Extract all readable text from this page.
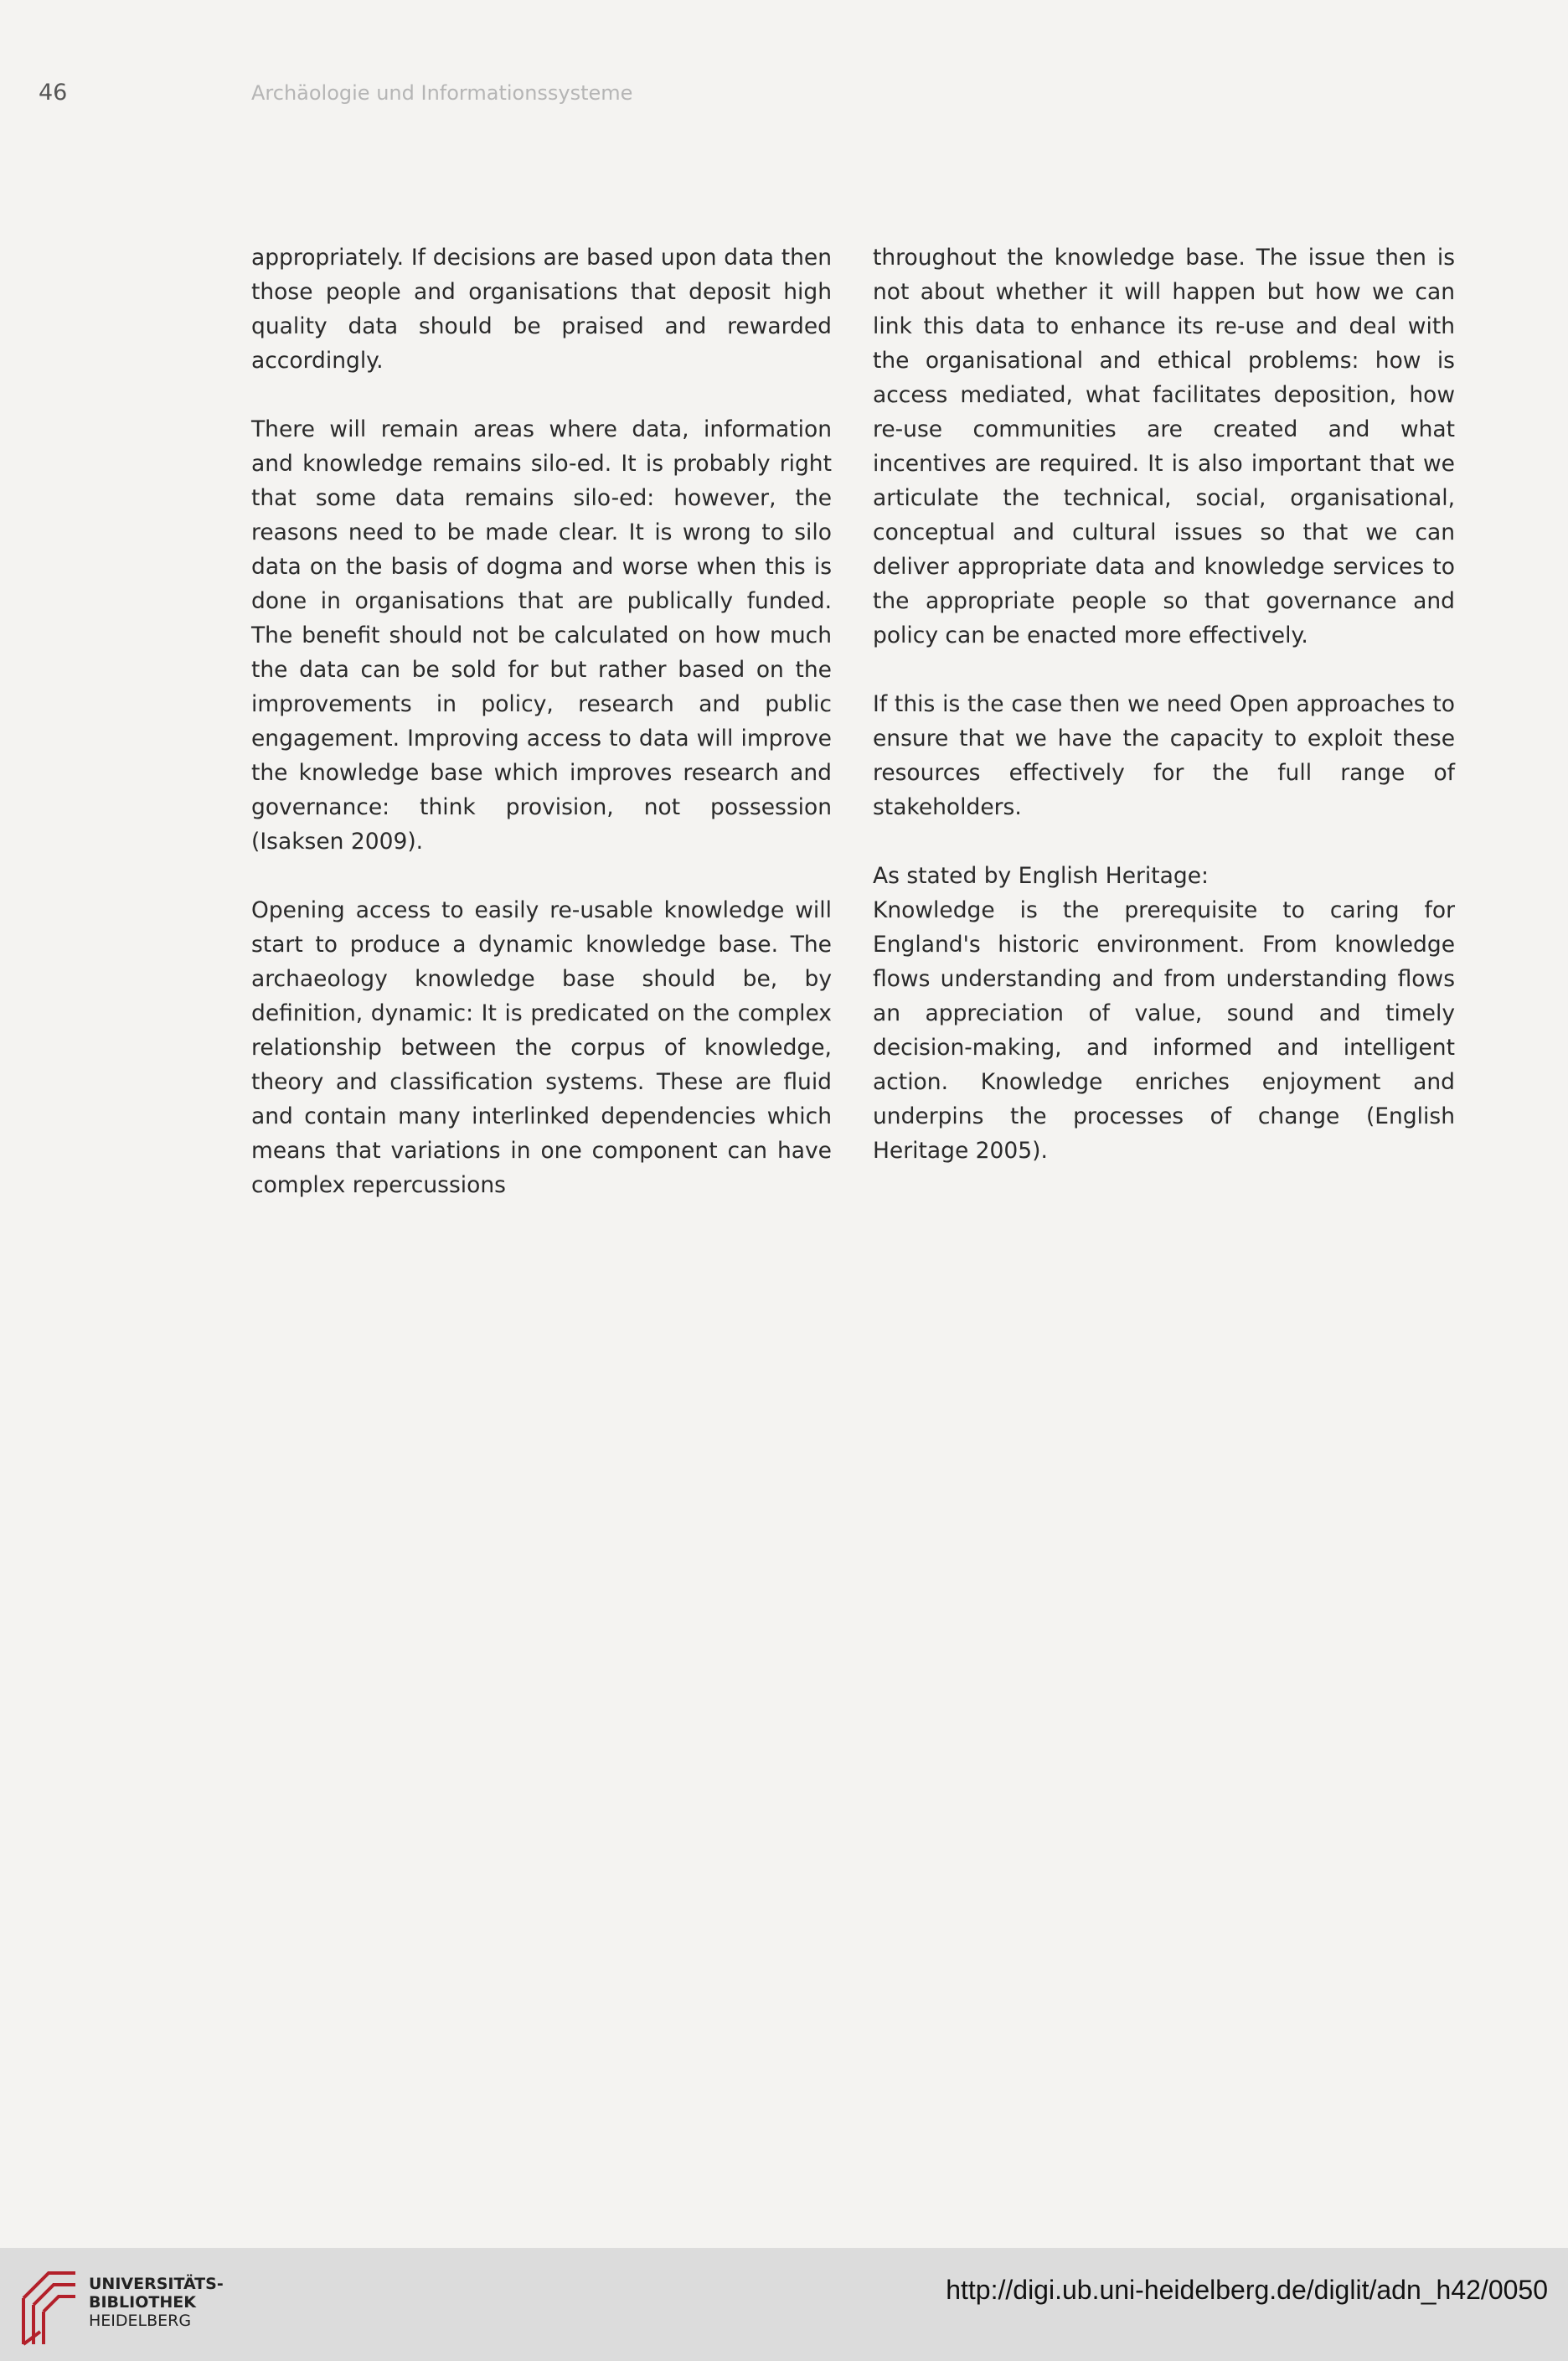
46	Archäologie und Informationssysteme

appropriately. If decisions are based upon data then those people and organisations that deposit high quality data should be praised and rewarded accordingly.

There will remain areas where data, information and knowledge remains silo-ed. It is probably right that some data remains silo-ed: however, the reasons need to be made clear. It is wrong to silo data on the basis of dogma and worse when this is done in organisations that are publically funded. The benefit should not be calculated on how much the data can be sold for but rather based on the improvements in policy, research and public engagement. Improving access to data will improve the knowledge base which improves research and governance: think provision, not possession (Isaksen 2009).

Opening access to easily re-usable knowledge will start to produce a dynamic knowledge base. The archaeology knowledge base should be, by definition, dynamic: It is predicated on the complex relationship between the corpus of knowledge, theory and classification systems. These are fluid and contain many interlinked dependencies which means that variations in one component can have complex repercussions

throughout the knowledge base. The issue then is not about whether it will happen but how we can link this data to enhance its re-use and deal with the organisational and ethical problems: how is access mediated, what facilitates deposition, how re-use communities are created and what incentives are required. It is also important that we articulate the technical, social, organisational, conceptual and cultural issues so that we can deliver appropriate data and knowledge services to the appropriate people so that governance and policy can be enacted more effectively.

If this is the case then we need Open approaches to ensure that we have the capacity to exploit these resources effectively for the full range of stakeholders.

As stated by English Heritage:

Knowledge is the prerequisite to caring for England's historic environment. From knowledge flows understanding and from understanding flows an appreciation of value, sound and timely decision-making, and informed and intelligent action. Knowledge enriches enjoyment and underpins the processes of change (English Heritage 2005).

UNIVERSITÄTS-
BIBLIOTHEK
HEIDELBERG
http://digi.ub.uni-heidelberg.de/diglit/adn_h42/0050
